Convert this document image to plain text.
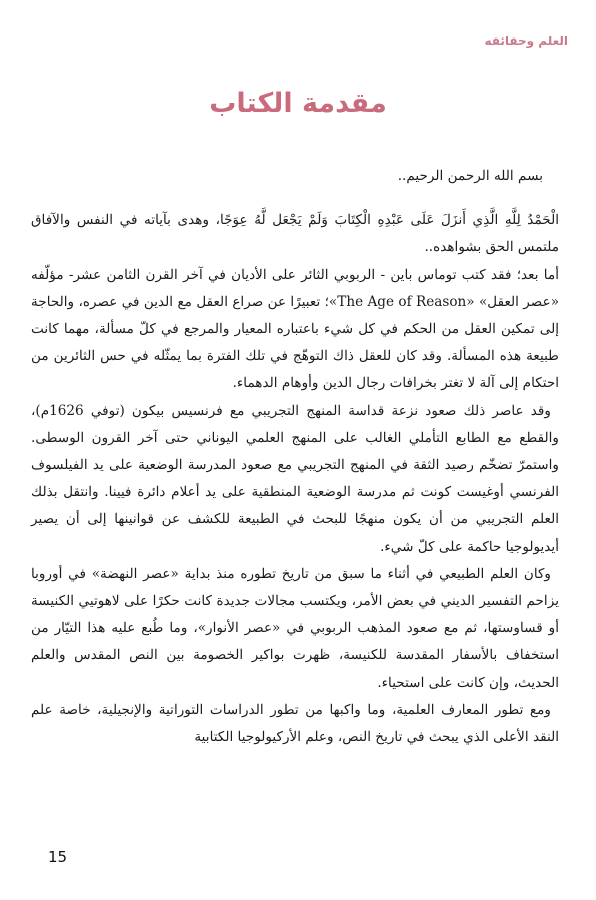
العلم وحقائقه
مقدمة الكتاب

بسم الله الرحمن الرحيم..

الْحَمْدُ لِلَّهِ الَّذِي أَنزَلَ عَلَى عَبْدِهِ الْكِتَابَ وَلَمْ يَجْعَل لَّهُ عِوَجًا، وهدى بآياته في النفس والآفاق ملتمس الحق بشواهده..

أما بعد؛ فقد كتب توماس باين - الربوبي الثائر على الأديان في آخر القرن الثامن عشر- مؤلّفه «عصر العقل» «The Age of Reason»؛ تعبيرًا عن صراع العقل مع الدين في عصره، والحاجة إلى تمكين العقل من الحكم في كل شيء باعتباره المعيار والمرجع في كلّ مسألة، مهما كانت طبيعة هذه المسألة. وقد كان للعقل ذاك التوهّج في تلك الفترة بما يمثّله في حس الثائرين من احتكام إلى آلة لا تغتر بخرافات رجال الدين وأوهام الدهماء.

وقد عاصر ذلك صعود نزعة قداسة المنهج التجريبي مع فرنسيس بيكون (توفي 1626م)، والقطع مع الطابع التأملي الغالب على المنهج العلمي اليوناني حتى آخر القرون الوسطى. واستمرّ تضخّم رصيد الثقة في المنهج التجريبي مع صعود المدرسة الوضعية على يد الفيلسوف الفرنسي أوغيست كونت ثم مدرسة الوضعية المنطقية على يد أعلام دائرة فيينا. وانتقل بذلك العلم التجريبي من أن يكون منهجًا للبحث في الطبيعة للكشف عن قوانينها إلى أن يصير أيديولوجيا حاكمة على كلّ شيء.

وكان العلم الطبيعي في أثناء ما سبق من تاريخ تطوره منذ بداية «عصر النهضة» في أوروبا يزاحم التفسير الديني في بعض الأمر، ويكتسب مجالات جديدة كانت حكرًا على لاهوتيي الكنيسة أو قساوستها، ثم مع صعود المذهب الربوبي في «عصر الأنوار»، وما طُبع عليه هذا التيّار من استخفاف بالأسفار المقدسة للكنيسة، ظهرت بواكير الخصومة بين النص المقدس والعلم الحديث، وإن كانت على استحياء.

ومع تطور المعارف العلمية، وما واكبها من تطور الدراسات التوراتية والإنجيلية، خاصة علم النقد الأعلى الذي يبحث في تاريخ النص، وعلم الأركيولوجيا الكتابية

15
